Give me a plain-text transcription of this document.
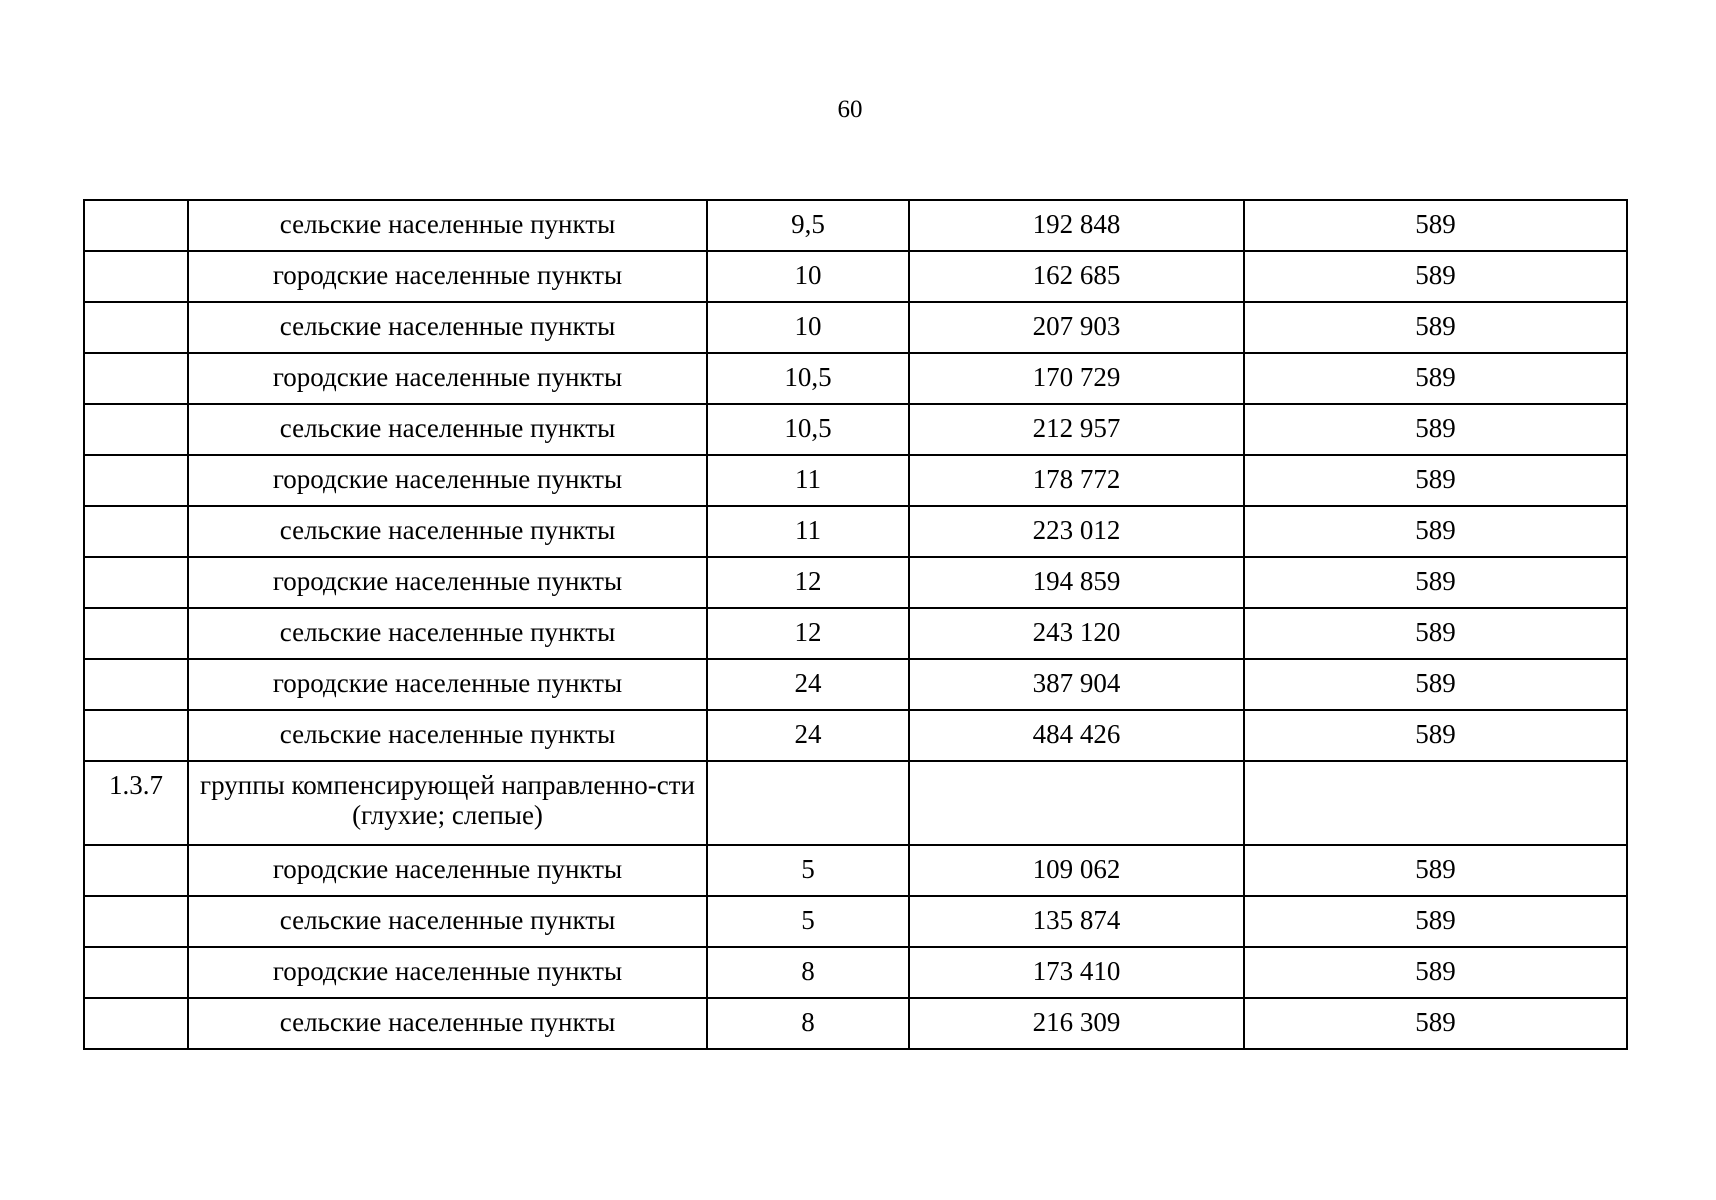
60
	сельские населенные пункты	9,5	192 848	589
	городские населенные пункты	10	162 685	589
	сельские населенные пункты	10	207 903	589
	городские населенные пункты	10,5	170 729	589
	сельские населенные пункты	10,5	212 957	589
	городские населенные пункты	11	178 772	589
	сельские населенные пункты	11	223 012	589
	городские населенные пункты	12	194 859	589
	сельские населенные пункты	12	243 120	589
	городские населенные пункты	24	387 904	589
	сельские населенные пункты	24	484 426	589
1.3.7	группы компенсирующей направленно-сти (глухие; слепые)			
	городские населенные пункты	5	109 062	589
	сельские населенные пункты	5	135 874	589
	городские населенные пункты	8	173 410	589
	сельские населенные пункты	8	216 309	589
